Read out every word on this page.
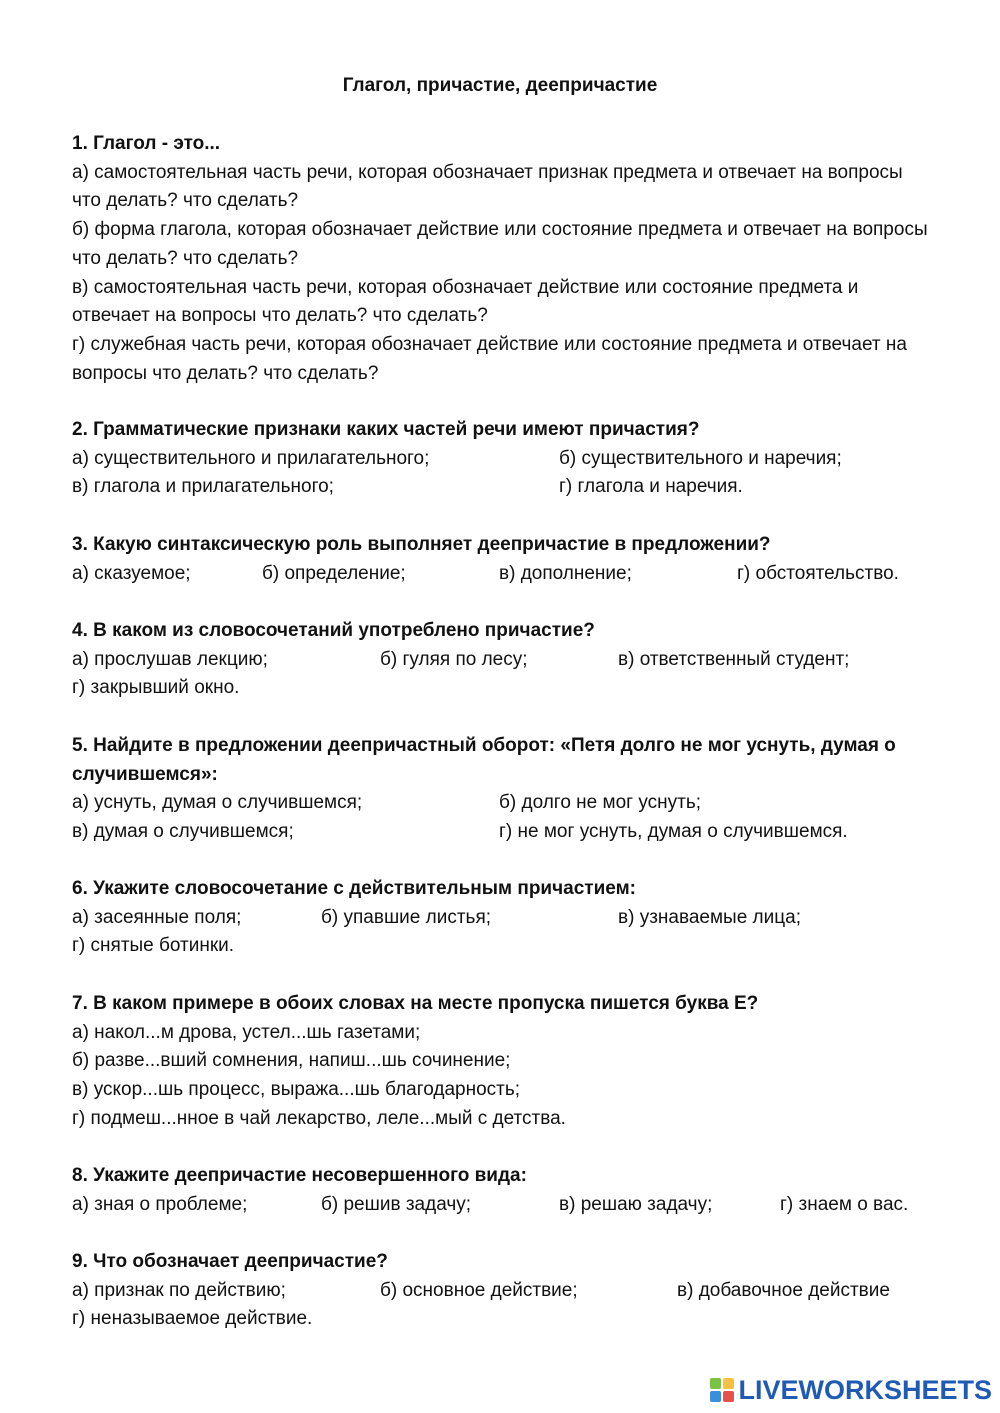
Глагол, причастие, деепричастие

1. Глагол - это...

а) самостоятельная часть речи, которая обозначает признак предмета и отвечает на вопросы что делать? что сделать?

б) форма глагола, которая обозначает действие или состояние предмета и отвечает на вопросы что делать? что сделать?

в) самостоятельная часть речи, которая обозначает действие или состояние предмета и отвечает на вопросы что делать? что сделать?

г) служебная часть речи, которая обозначает действие или состояние предмета и отвечает на вопросы что делать? что сделать?

2. Грамматические признаки каких частей речи имеют причастия?

а) существительного и прилагательного;	б) существительного и наречия;
в) глагола и прилагательного;	г) глагола и наречия.

3. Какую синтаксическую роль выполняет деепричастие в предложении?

а) сказуемое;	б) определение;	в) дополнение;	г) обстоятельство.

4. В каком из словосочетаний употреблено причастие?

а) прослушав лекцию;	б) гуляя по лесу;	в) ответственный студент;
г) закрывший окно.

5. Найдите в предложении деепричастный оборот: «Петя долго не мог уснуть, думая о случившемся»:

а) уснуть, думая о случившемся;	б) долго не мог уснуть;
в) думая о случившемся;	г) не мог уснуть, думая о случившемся.

6. Укажите словосочетание с действительным причастием:

а) засеянные поля;	б) упавшие листья;	в) узнаваемые лица;
г) снятые ботинки.

7. В каком примере в обоих словах на месте пропуска пишется буква Е?

а) накол...м дрова, устел...шь газетами;

б) разве...вший сомнения, напиш...шь сочинение;

в) ускор...шь процесс, выража...шь благодарность;

г) подмеш...нное в чай лекарство, леле...мый с детства.

8. Укажите деепричастие несовершенного вида:

а) зная о проблеме;	б) решив задачу;	в) решаю задачу;	г) знаем о вас.

9. Что обозначает деепричастие?

а) признак по действию;	б) основное действие;	в) добавочное действие
г) неназываемое действие.
LIVEWORKSHEETS
